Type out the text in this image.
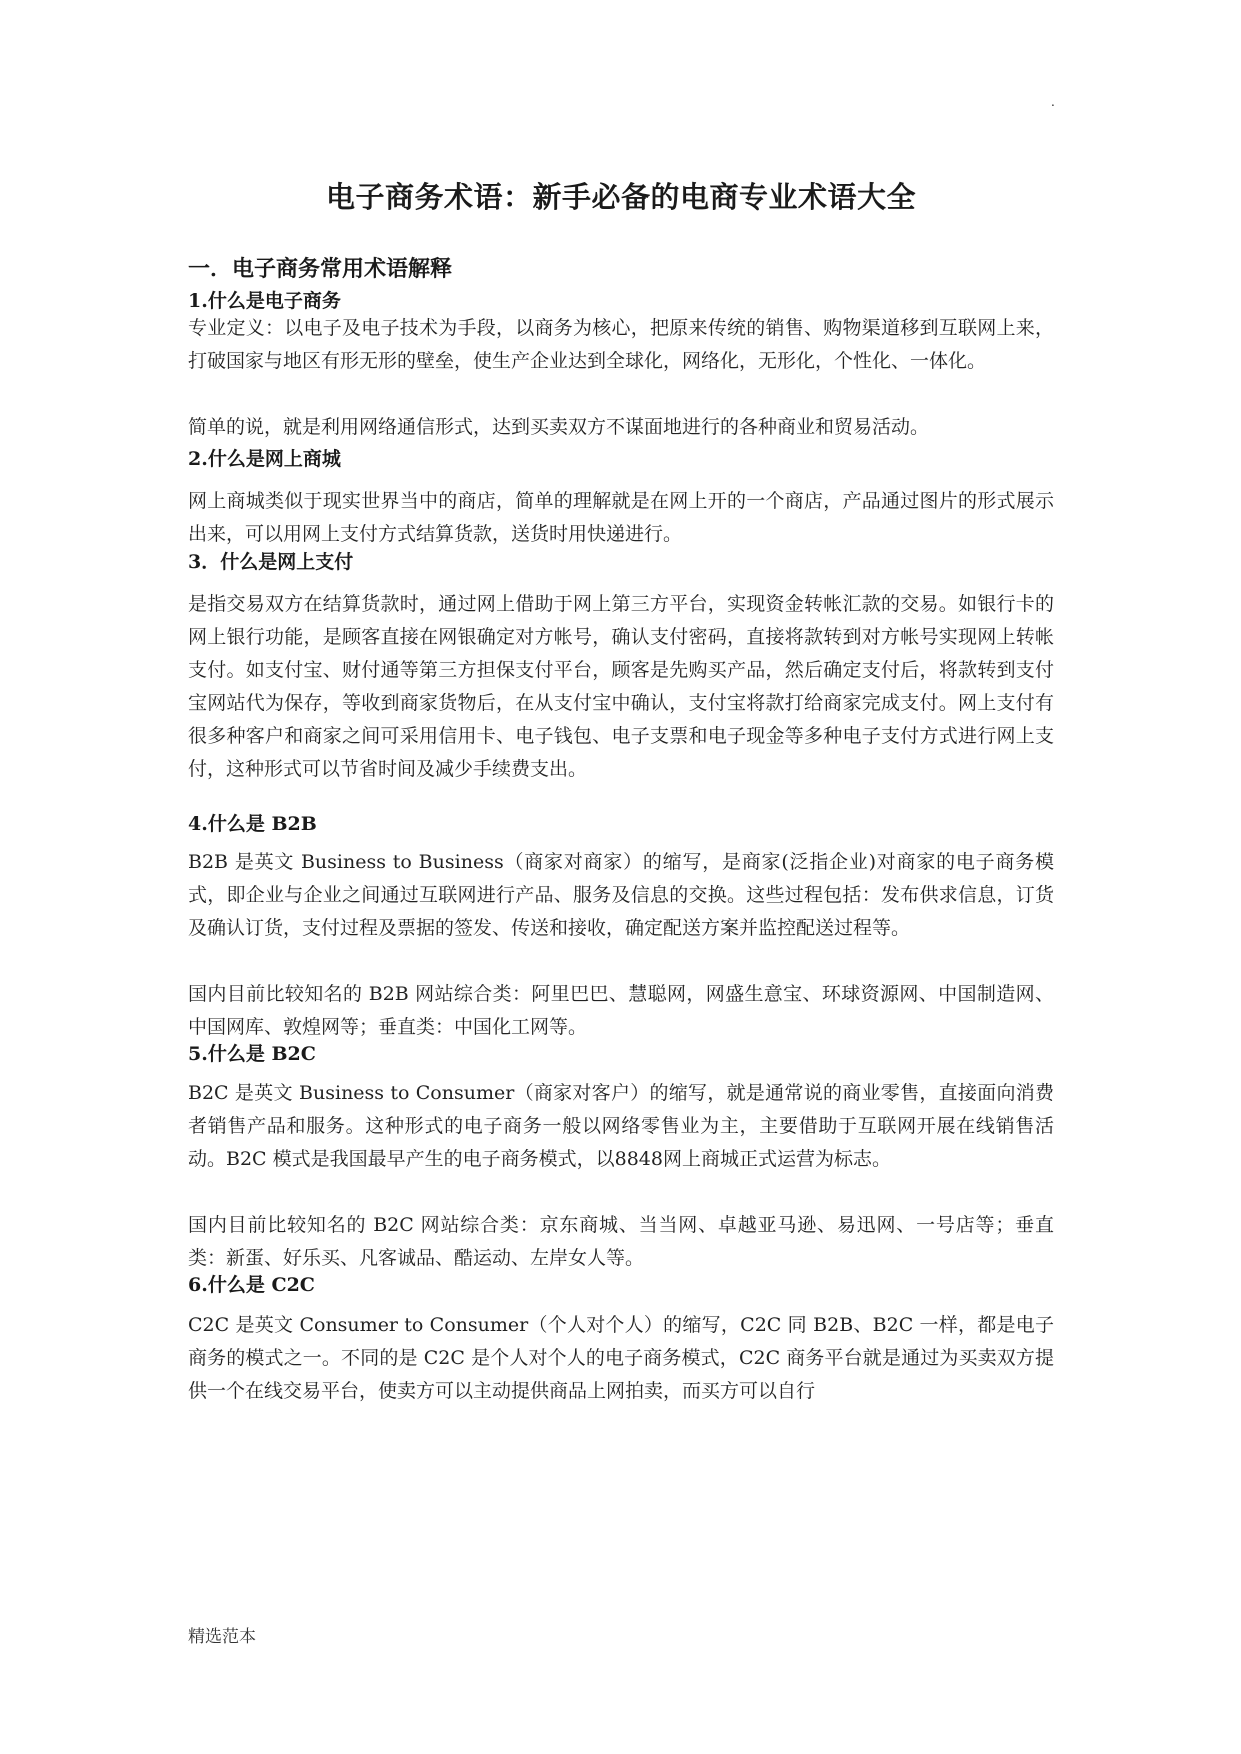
.
电子商务术语：新手必备的电商专业术语大全
一．电子商务常用术语解释
1.什么是电子商务

专业定义：以电子及电子技术为手段，以商务为核心，把原来传统的销售、购物渠道移到互联网上来，打破国家与地区有形无形的壁垒，使生产企业达到全球化，网络化，无形化，个性化、一体化。

简单的说，就是利用网络通信形式，达到买卖双方不谋面地进行的各种商业和贸易活动。

2.什么是网上商城

网上商城类似于现实世界当中的商店，简单的理解就是在网上开的一个商店，产品通过图片的形式展示出来，可以用网上支付方式结算货款，送货时用快递进行。

3．什么是网上支付

是指交易双方在结算货款时，通过网上借助于网上第三方平台，实现资金转帐汇款的交易。如银行卡的网上银行功能，是顾客直接在网银确定对方帐号，确认支付密码，直接将款转到对方帐号实现网上转帐支付。如支付宝、财付通等第三方担保支付平台，顾客是先购买产品，然后确定支付后，将款转到支付宝网站代为保存，等收到商家货物后，在从支付宝中确认，支付宝将款打给商家完成支付。网上支付有很多种客户和商家之间可采用信用卡、电子钱包、电子支票和电子现金等多种电子支付方式进行网上支付，这种形式可以节省时间及减少手续费支出。

4.什么是 B2B

B2B 是英文 Business to Business（商家对商家）的缩写，是商家(泛指企业)对商家的电子商务模式，即企业与企业之间通过互联网进行产品、服务及信息的交换。这些过程包括：发布供求信息，订货及确认订货，支付过程及票据的签发、传送和接收，确定配送方案并监控配送过程等。

国内目前比较知名的 B2B 网站综合类：阿里巴巴、慧聪网，网盛生意宝、环球资源网、中国制造网、中国网库、敦煌网等；垂直类：中国化工网等。

5.什么是 B2C

B2C 是英文 Business to Consumer（商家对客户）的缩写，就是通常说的商业零售，直接面向消费者销售产品和服务。这种形式的电子商务一般以网络零售业为主，主要借助于互联网开展在线销售活动。B2C 模式是我国最早产生的电子商务模式，以8848网上商城正式运营为标志。

国内目前比较知名的 B2C 网站综合类：京东商城、当当网、卓越亚马逊、易迅网、一号店等；垂直类：新蛋、好乐买、凡客诚品、酷运动、左岸女人等。

6.什么是 C2C

C2C 是英文 Consumer to Consumer（个人对个人）的缩写，C2C 同 B2B、B2C 一样，都是电子商务的模式之一。不同的是 C2C 是个人对个人的电子商务模式，C2C 商务平台就是通过为买卖双方提供一个在线交易平台，使卖方可以主动提供商品上网拍卖，而买方可以自行

精选范本
